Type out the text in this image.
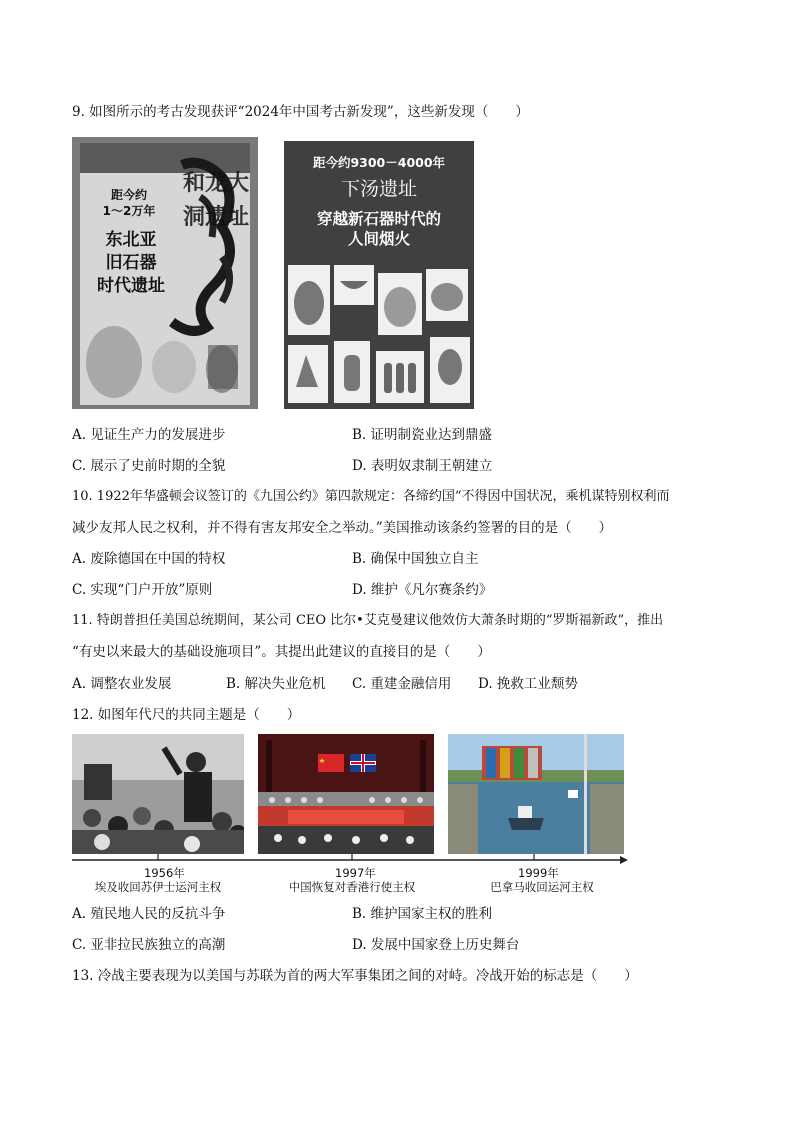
9. 如图所示的考古发现获评“2024年中国考古新发现”，这些新发现（　　）
距今约
1～2万年
东北亚
旧石器
时代遗址
和龙大洞遗址
距今约9300－4000年
下汤遗址
穿越新石器时代的
人间烟火
A. 见证生产力的发展进步	B. 证明制瓷业达到鼎盛
C. 展示了史前时期的全貌	D. 表明奴隶制王朝建立
10. 1922年华盛顿会议签订的《九国公约》第四款规定：各缔约国“不得因中国状况，乘机谋特别权利而
减少友邦人民之权利，并不得有害友邦安全之举动。”美国推动该条约签署的目的是（　　）
A. 废除德国在中国的特权	B. 确保中国独立自主
C. 实现“门户开放”原则	D. 维护《凡尔赛条约》
11. 特朗普担任美国总统期间，某公司 CEO 比尔•艾克曼建议他效仿大萧条时期的“罗斯福新政”，推出
“有史以来最大的基础设施项目”。其提出此建议的直接目的是（　　）
A. 调整农业发展	B. 解决失业危机 C. 重建金融信用 D. 挽救工业颓势
12. 如图年代尺的共同主题是（　　）
1956年	1997年	1999年
埃及收回苏伊士运河主权	中国恢复对香港行使主权	巴拿马收回运河主权
A. 殖民地人民的反抗斗争	B. 维护国家主权的胜利
C. 亚非拉民族独立的高潮	D. 发展中国家登上历史舞台
13. 冷战主要表现为以美国与苏联为首的两大军事集团之间的对峙。冷战开始的标志是（　　）
